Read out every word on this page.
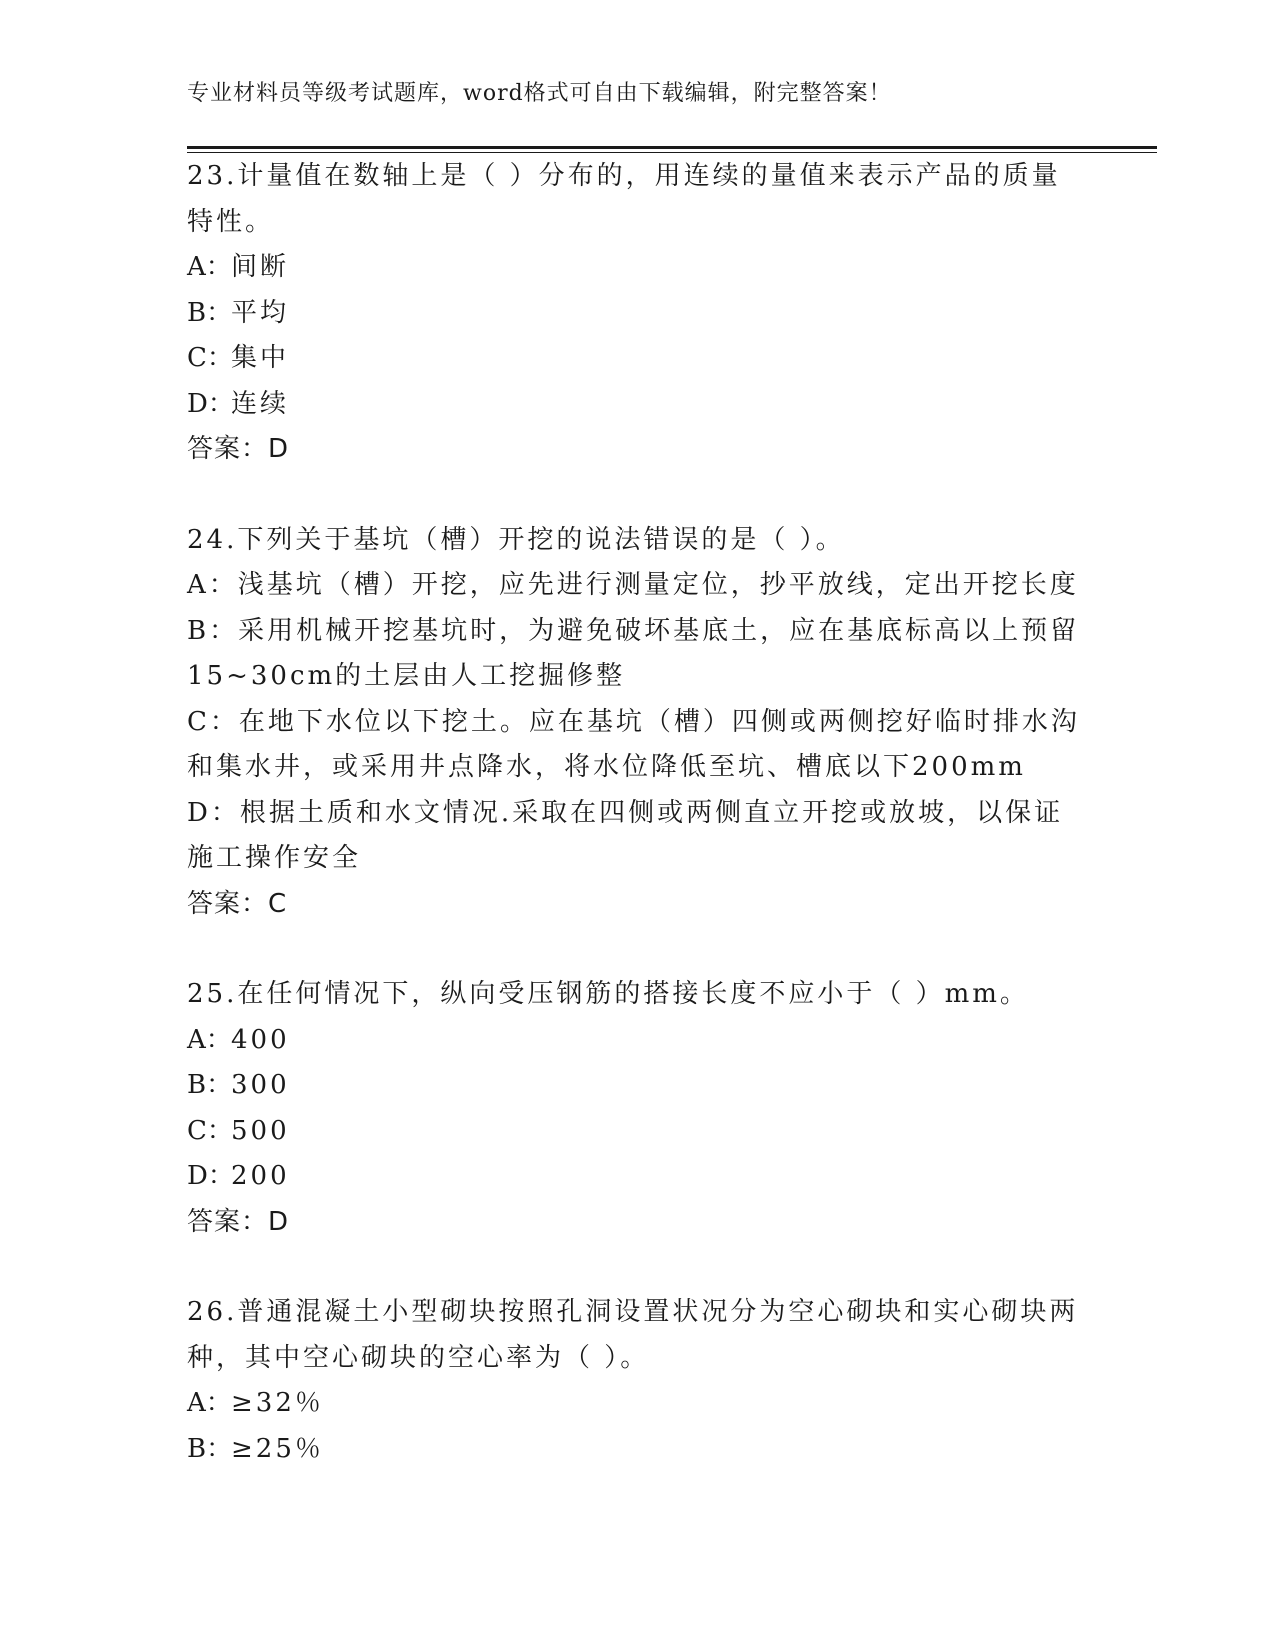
专业材料员等级考试题库，word格式可自由下载编辑，附完整答案！
23.计量值在数轴上是（ ）分布的，用连续的量值来表示产品的质量
特性。
A：间断
B：平均
C：集中
D：连续
答案：D
24.下列关于基坑（槽）开挖的说法错误的是（ ）。
A：浅基坑（槽）开挖，应先进行测量定位，抄平放线，定出开挖长度
B：采用机械开挖基坑时，为避免破坏基底土，应在基底标高以上预留
15~30cm的土层由人工挖掘修整
C：在地下水位以下挖土。应在基坑（槽）四侧或两侧挖好临时排水沟
和集水井，或采用井点降水，将水位降低至坑、槽底以下200mm
D：根据土质和水文情况.采取在四侧或两侧直立开挖或放坡，以保证
施工操作安全
答案：C
25.在任何情况下，纵向受压钢筋的搭接长度不应小于（ ）mm。
A：400
B：300
C：500
D：200
答案：D
26.普通混凝土小型砌块按照孔洞设置状况分为空心砌块和实心砌块两
种，其中空心砌块的空心率为（ ）。
A：≥32％
B：≥25％
